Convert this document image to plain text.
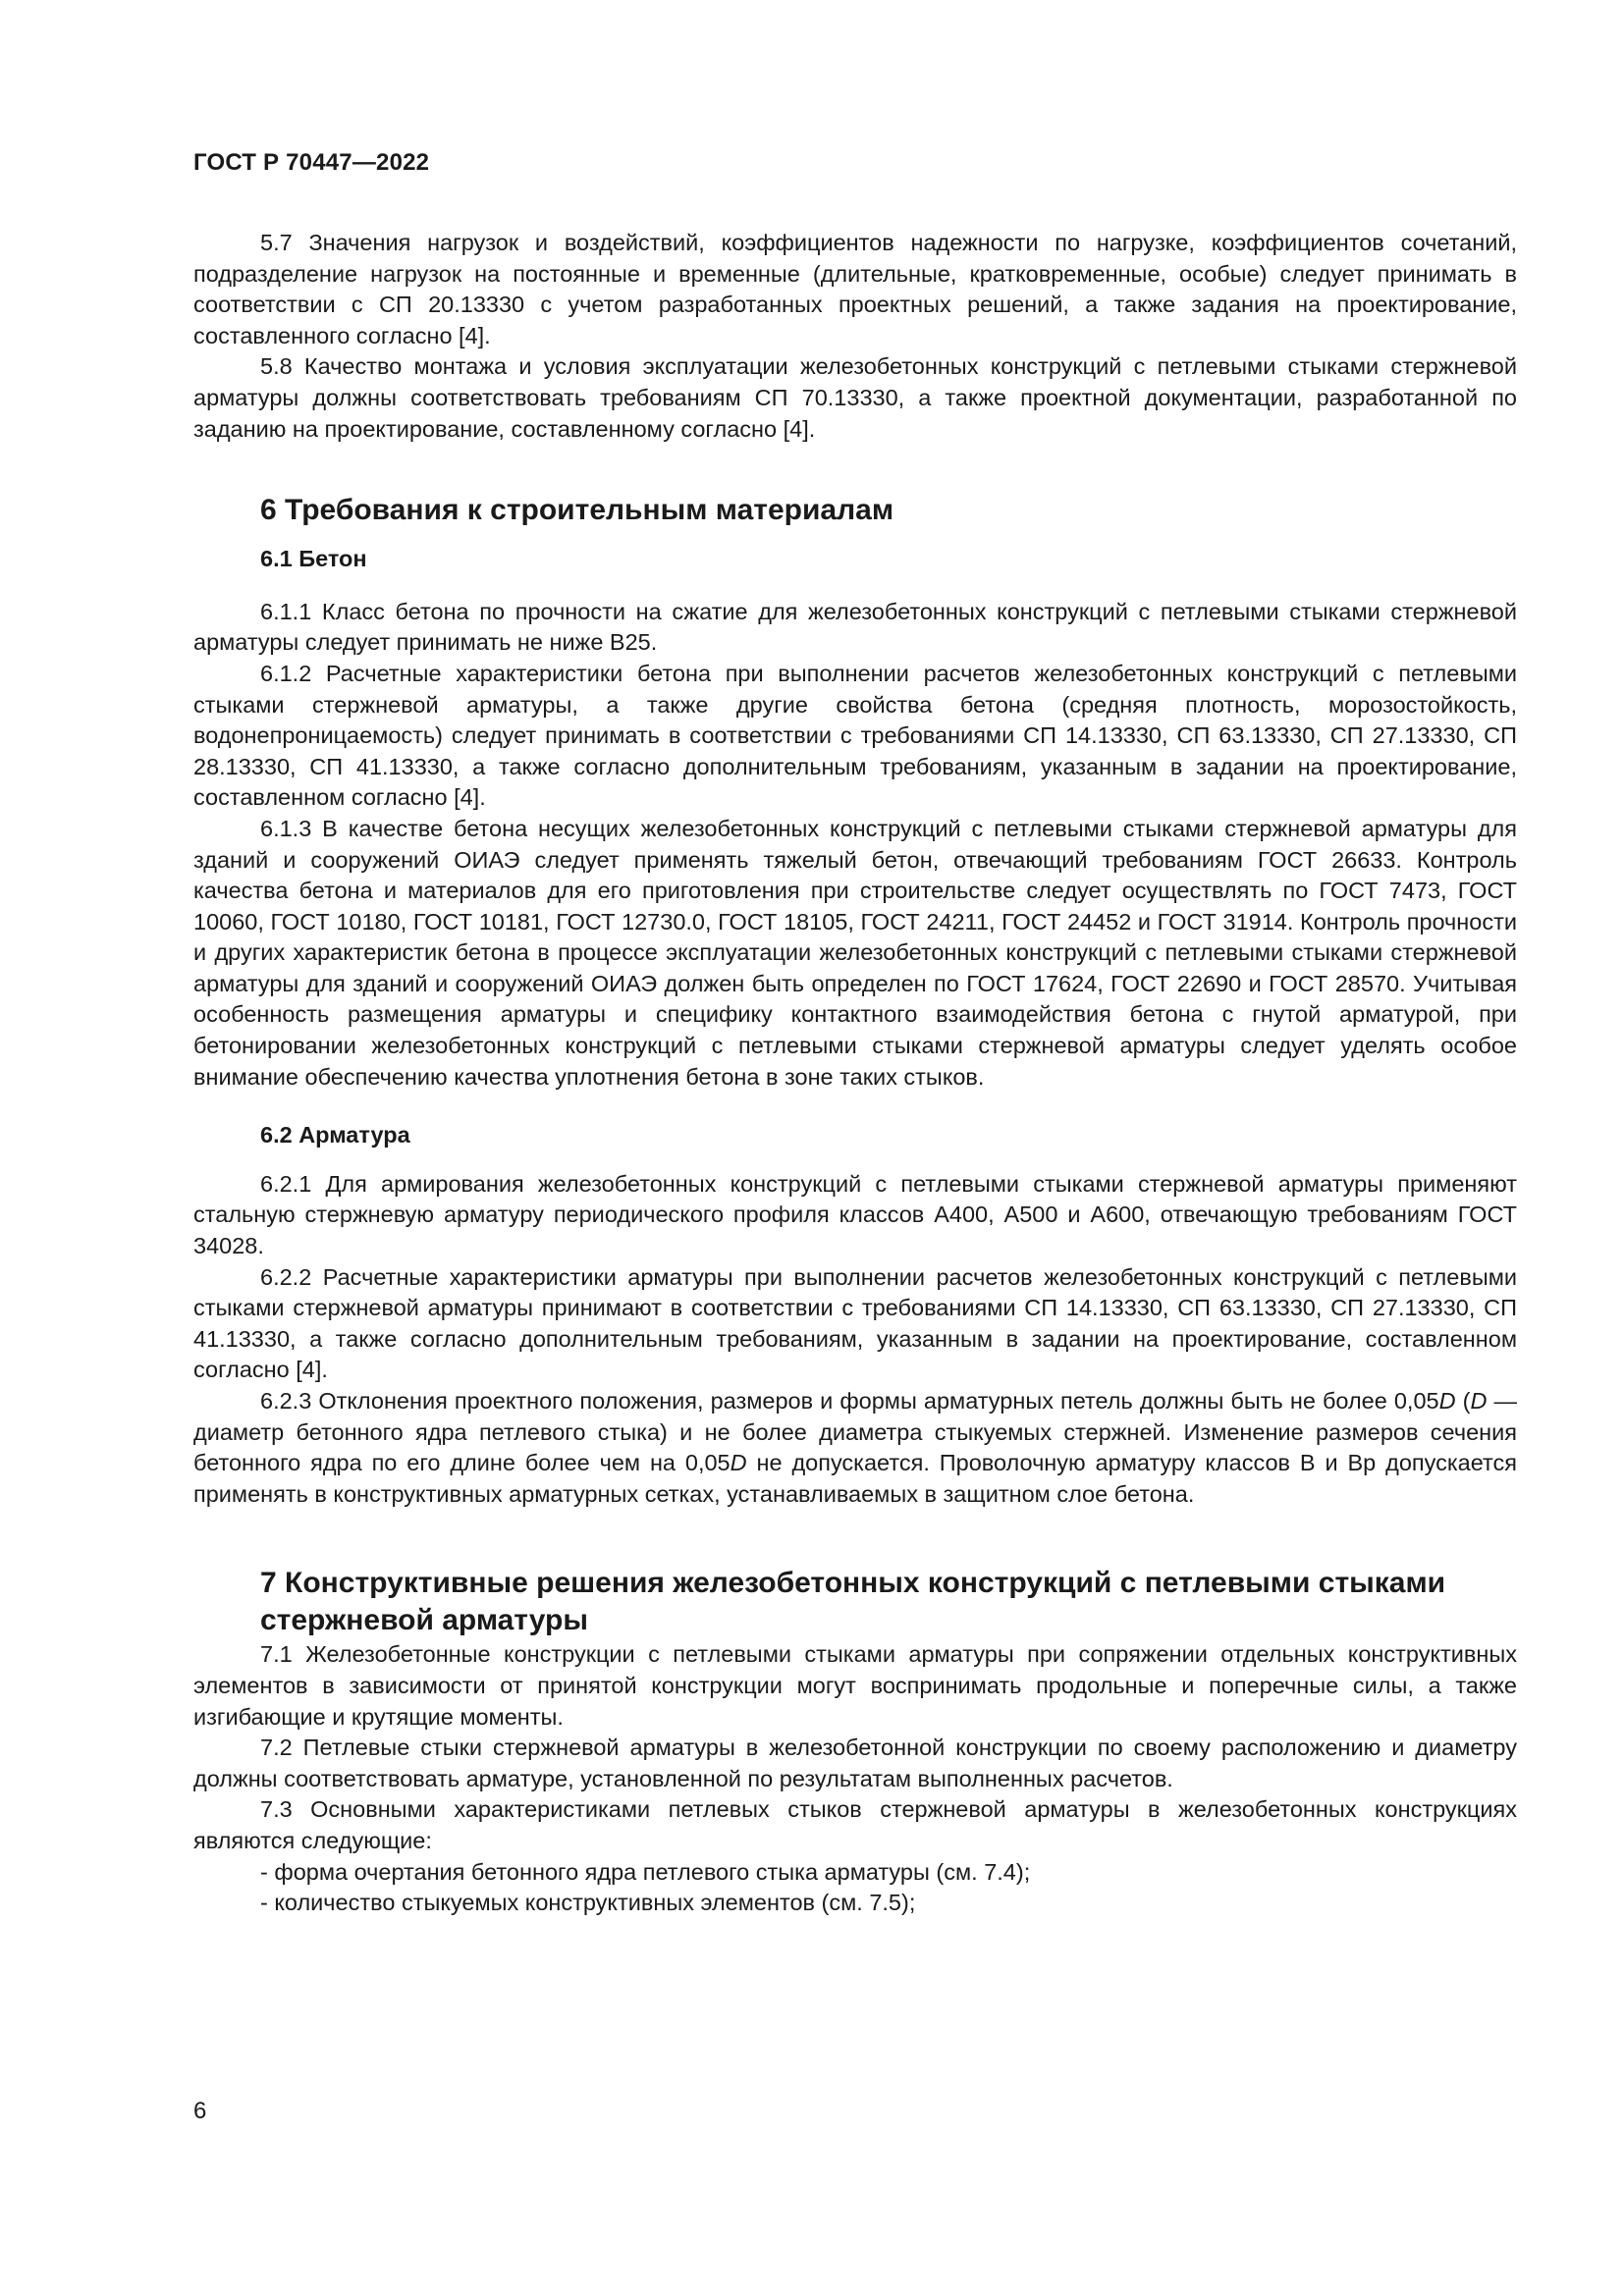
ГОСТ Р 70447—2022

5.7 Значения нагрузок и воздействий, коэффициентов надежности по нагрузке, коэффициентов сочетаний, подразделение нагрузок на постоянные и временные (длительные, кратковременные, особые) следует принимать в соответствии с СП 20.13330 с учетом разработанных проектных решений, а также задания на проектирование, составленного согласно [4].

5.8 Качество монтажа и условия эксплуатации железобетонных конструкций с петлевыми стыками стержневой арматуры должны соответствовать требованиям СП 70.13330, а также проектной документации, разработанной по заданию на проектирование, составленному согласно [4].

6 Требования к строительным материалам
6.1 Бетон

6.1.1 Класс бетона по прочности на сжатие для железобетонных конструкций с петлевыми стыками стержневой арматуры следует принимать не ниже В25.

6.1.2 Расчетные характеристики бетона при выполнении расчетов железобетонных конструкций с петлевыми стыками стержневой арматуры, а также другие свойства бетона (средняя плотность, морозостойкость, водонепроницаемость) следует принимать в соответствии с требованиями СП 14.13330, СП 63.13330, СП 27.13330, СП 28.13330, СП 41.13330, а также согласно дополнительным требованиям, указанным в задании на проектирование, составленном согласно [4].

6.1.3 В качестве бетона несущих железобетонных конструкций с петлевыми стыками стержневой арматуры для зданий и сооружений ОИАЭ следует применять тяжелый бетон, отвечающий требованиям ГОСТ 26633. Контроль качества бетона и материалов для его приготовления при строительстве следует осуществлять по ГОСТ 7473, ГОСТ 10060, ГОСТ 10180, ГОСТ 10181, ГОСТ 12730.0, ГОСТ 18105, ГОСТ 24211, ГОСТ 24452 и ГОСТ 31914. Контроль прочности и других характеристик бетона в процессе эксплуатации железобетонных конструкций с петлевыми стыками стержневой арматуры для зданий и сооружений ОИАЭ должен быть определен по ГОСТ 17624, ГОСТ 22690 и ГОСТ 28570. Учитывая особенность размещения арматуры и специфику контактного взаимодействия бетона с гнутой арматурой, при бетонировании железобетонных конструкций с петлевыми стыками стержневой арматуры следует уделять особое внимание обеспечению качества уплотнения бетона в зоне таких стыков.

6.2 Арматура

6.2.1 Для армирования железобетонных конструкций с петлевыми стыками стержневой арматуры применяют стальную стержневую арматуру периодического профиля классов А400, А500 и А600, отвечающую требованиям ГОСТ 34028.

6.2.2 Расчетные характеристики арматуры при выполнении расчетов железобетонных конструкций с петлевыми стыками стержневой арматуры принимают в соответствии с требованиями СП 14.13330, СП 63.13330, СП 27.13330, СП 41.13330, а также согласно дополнительным требованиям, указанным в задании на проектирование, составленном согласно [4].

6.2.3 Отклонения проектного положения, размеров и формы арматурных петель должны быть не более 0,05D (D — диаметр бетонного ядра петлевого стыка) и не более диаметра стыкуемых стержней. Изменение размеров сечения бетонного ядра по его длине более чем на 0,05D не допускается. Проволочную арматуру классов В и Вр допускается применять в конструктивных арматурных сетках, устанавливаемых в защитном слое бетона.

7 Конструктивные решения железобетонных конструкций с петлевыми стыками стержневой арматуры

7.1 Железобетонные конструкции с петлевыми стыками арматуры при сопряжении отдельных конструктивных элементов в зависимости от принятой конструкции могут воспринимать продольные и поперечные силы, а также изгибающие и крутящие моменты.

7.2 Петлевые стыки стержневой арматуры в железобетонной конструкции по своему расположению и диаметру должны соответствовать арматуре, установленной по результатам выполненных расчетов.

7.3 Основными характеристиками петлевых стыков стержневой арматуры в железобетонных конструкциях являются следующие:

- форма очертания бетонного ядра петлевого стыка арматуры (см. 7.4);

- количество стыкуемых конструктивных элементов (см. 7.5);

6
